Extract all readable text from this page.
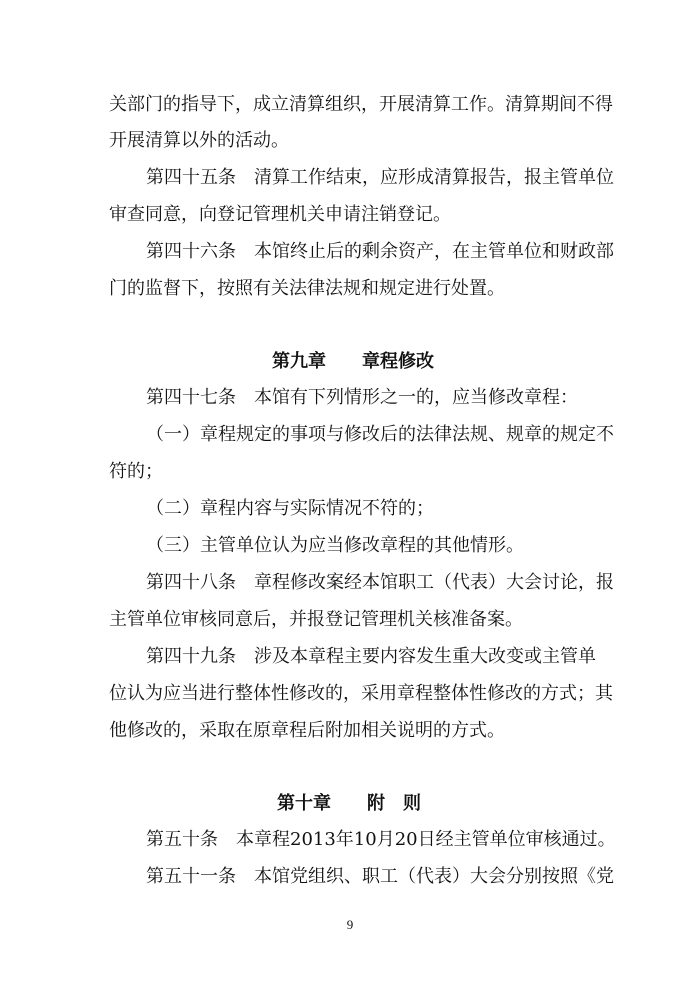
关部门的指导下，成立清算组织，开展清算工作。清算期间不得
开展清算以外的活动。
第四十五条　清算工作结束，应形成清算报告，报主管单位
审查同意，向登记管理机关申请注销登记。
第四十六条　本馆终止后的剩余资产，在主管单位和财政部
门的监督下，按照有关法律法规和规定进行处置。
第九章　　章程修改
第四十七条　本馆有下列情形之一的，应当修改章程：
（一）章程规定的事项与修改后的法律法规、规章的规定不
符的；
（二）章程内容与实际情况不符的；
（三）主管单位认为应当修改章程的其他情形。
第四十八条　章程修改案经本馆职工（代表）大会讨论，报
主管单位审核同意后，并报登记管理机关核准备案。
第四十九条　涉及本章程主要内容发生重大改变或主管单
位认为应当进行整体性修改的，采用章程整体性修改的方式；其
他修改的，采取在原章程后附加相关说明的方式。
第十章　　附　则
第五十条　本章程2013年10月20日经主管单位审核通过。
第五十一条　本馆党组织、职工（代表）大会分别按照《党
9
